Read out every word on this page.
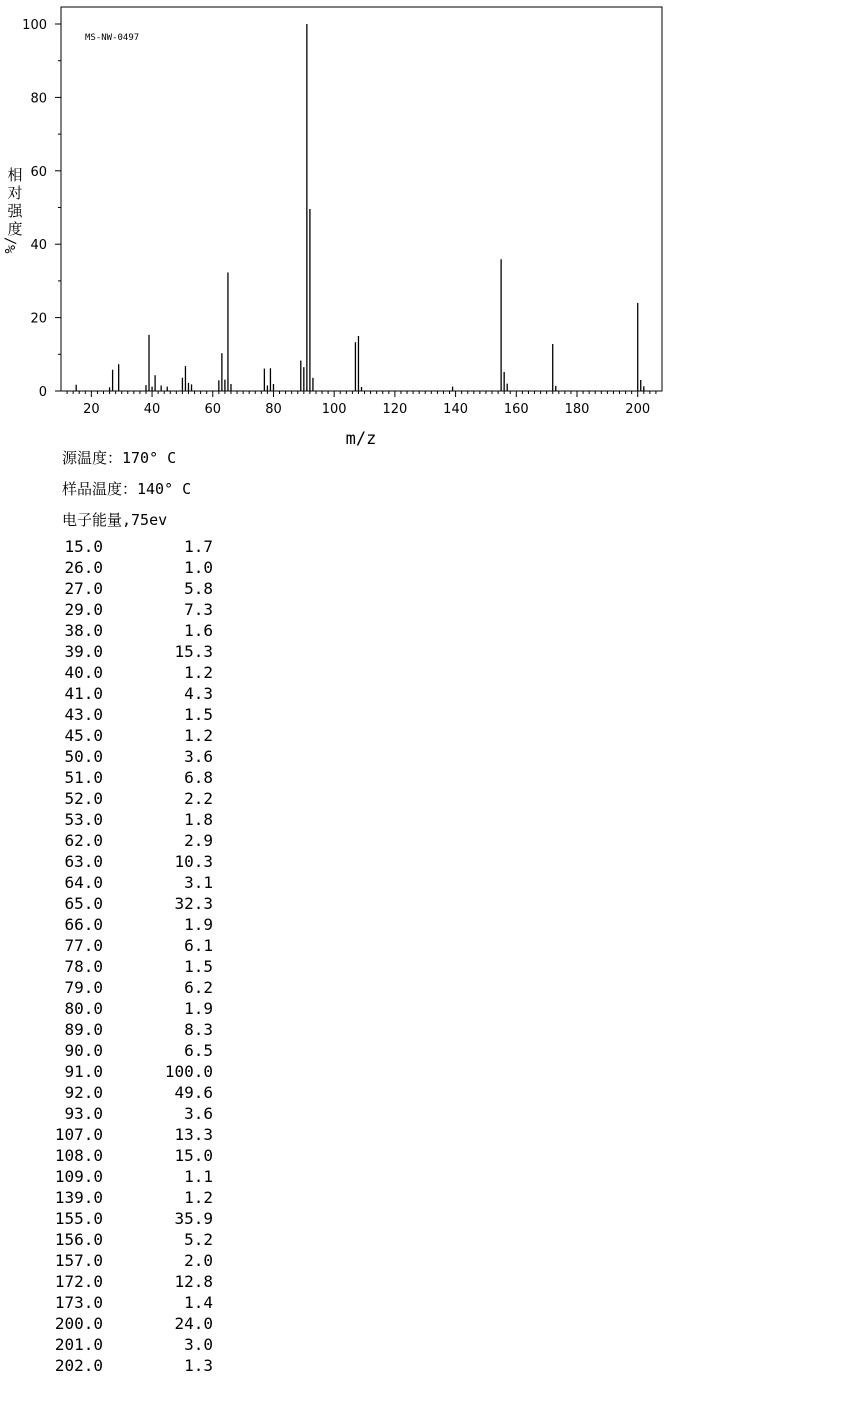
20	40	60	80	100	120	140	160	180	200
0
20
40
60
80
100
MS-NW-0497
m/z
相对强度
%/
源温度：170° C
样品温度：140° C
电子能量,75ev
15.0	1.7
26.0	1.0
27.0	5.8
29.0	7.3
38.0	1.6
39.0	15.3
40.0	1.2
41.0	4.3
43.0	1.5
45.0	1.2
50.0	3.6
51.0	6.8
52.0	2.2
53.0	1.8
62.0	2.9
63.0	10.3
64.0	3.1
65.0	32.3
66.0	1.9
77.0	6.1
78.0	1.5
79.0	6.2
80.0	1.9
89.0	8.3
90.0	6.5
91.0	100.0
92.0	49.6
93.0	3.6
107.0	13.3
108.0	15.0
109.0	1.1
139.0	1.2
155.0	35.9
156.0	5.2
157.0	2.0
172.0	12.8
173.0	1.4
200.0	24.0
201.0	3.0
202.0	1.3
